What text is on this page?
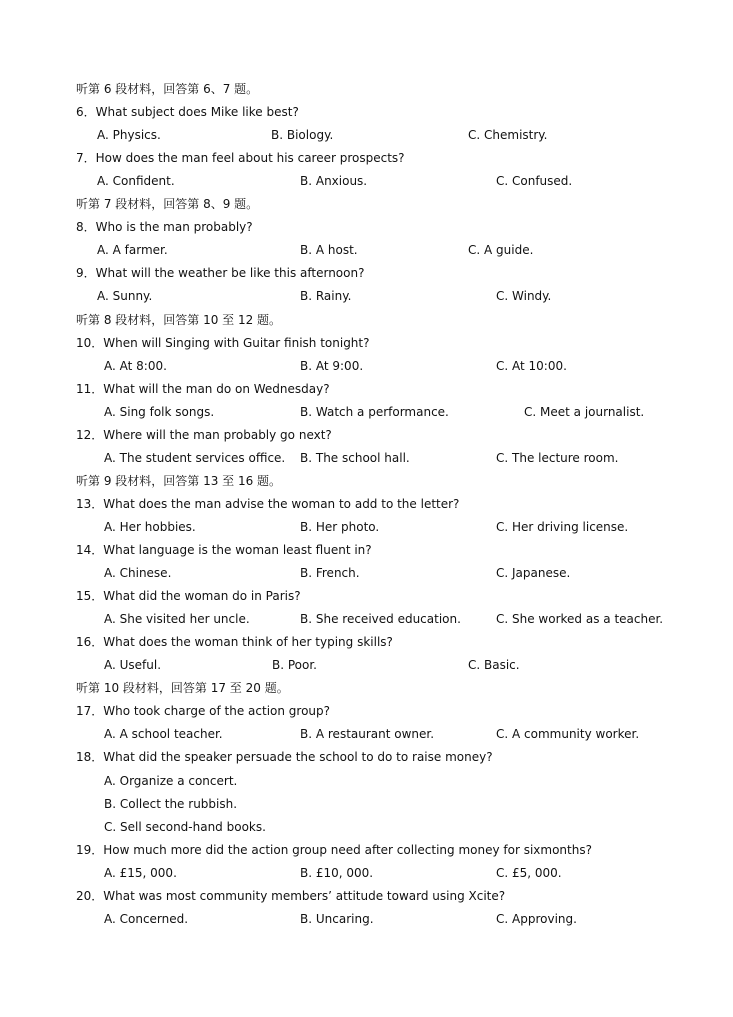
听第 6 段材料，回答第 6、7 题。
6．What subject does Mike like best?
A. Physics.	B. Biology.	C. Chemistry.
7．How does the man feel about his career prospects?
A. Confident.	B. Anxious.	C. Confused.
听第 7 段材料，回答第 8、9 题。
8．Who is the man probably?
A. A farmer.	B. A host.	C. A guide.
9．What will the weather be like this afternoon?
A. Sunny.	B. Rainy.	C. Windy.
听第 8 段材料，回答第 10 至 12 题。
10．When will Singing with Guitar finish tonight?
A. At 8:00.	B. At 9:00.	C. At 10:00.
11．What will the man do on Wednesday?
A. Sing folk songs.	B. Watch a performance.	C. Meet a journalist.
12．Where will the man probably go next?
A. The student services office. B. The school hall.	C. The lecture room.
听第 9 段材料，回答第 13 至 16 题。
13．What does the man advise the woman to add to the letter?
A. Her hobbies.	B. Her photo.	C. Her driving license.
14．What language is the woman least fluent in?
A. Chinese.	B. French.	C. Japanese.
15．What did the woman do in Paris?
A. She visited her uncle.	B. She received education.	C. She worked as a teacher.
16．What does the woman think of her typing skills?
A. Useful.	B. Poor.	C. Basic.
听第 10 段材料，回答第 17 至 20 题。
17．Who took charge of the action group?
A. A school teacher.	B. A restaurant owner.	C. A community worker.
18．What did the speaker persuade the school to do to raise money?
A. Organize a concert.
B. Collect the rubbish.
C. Sell second-hand books.
19．How much more did the action group need after collecting money for sixmonths?
A. £15, 000.	B. £10, 000.	C. £5, 000.
20．What was most community members’ attitude toward using Xcite?
A. Concerned.	B. Uncaring.	C. Approving.
